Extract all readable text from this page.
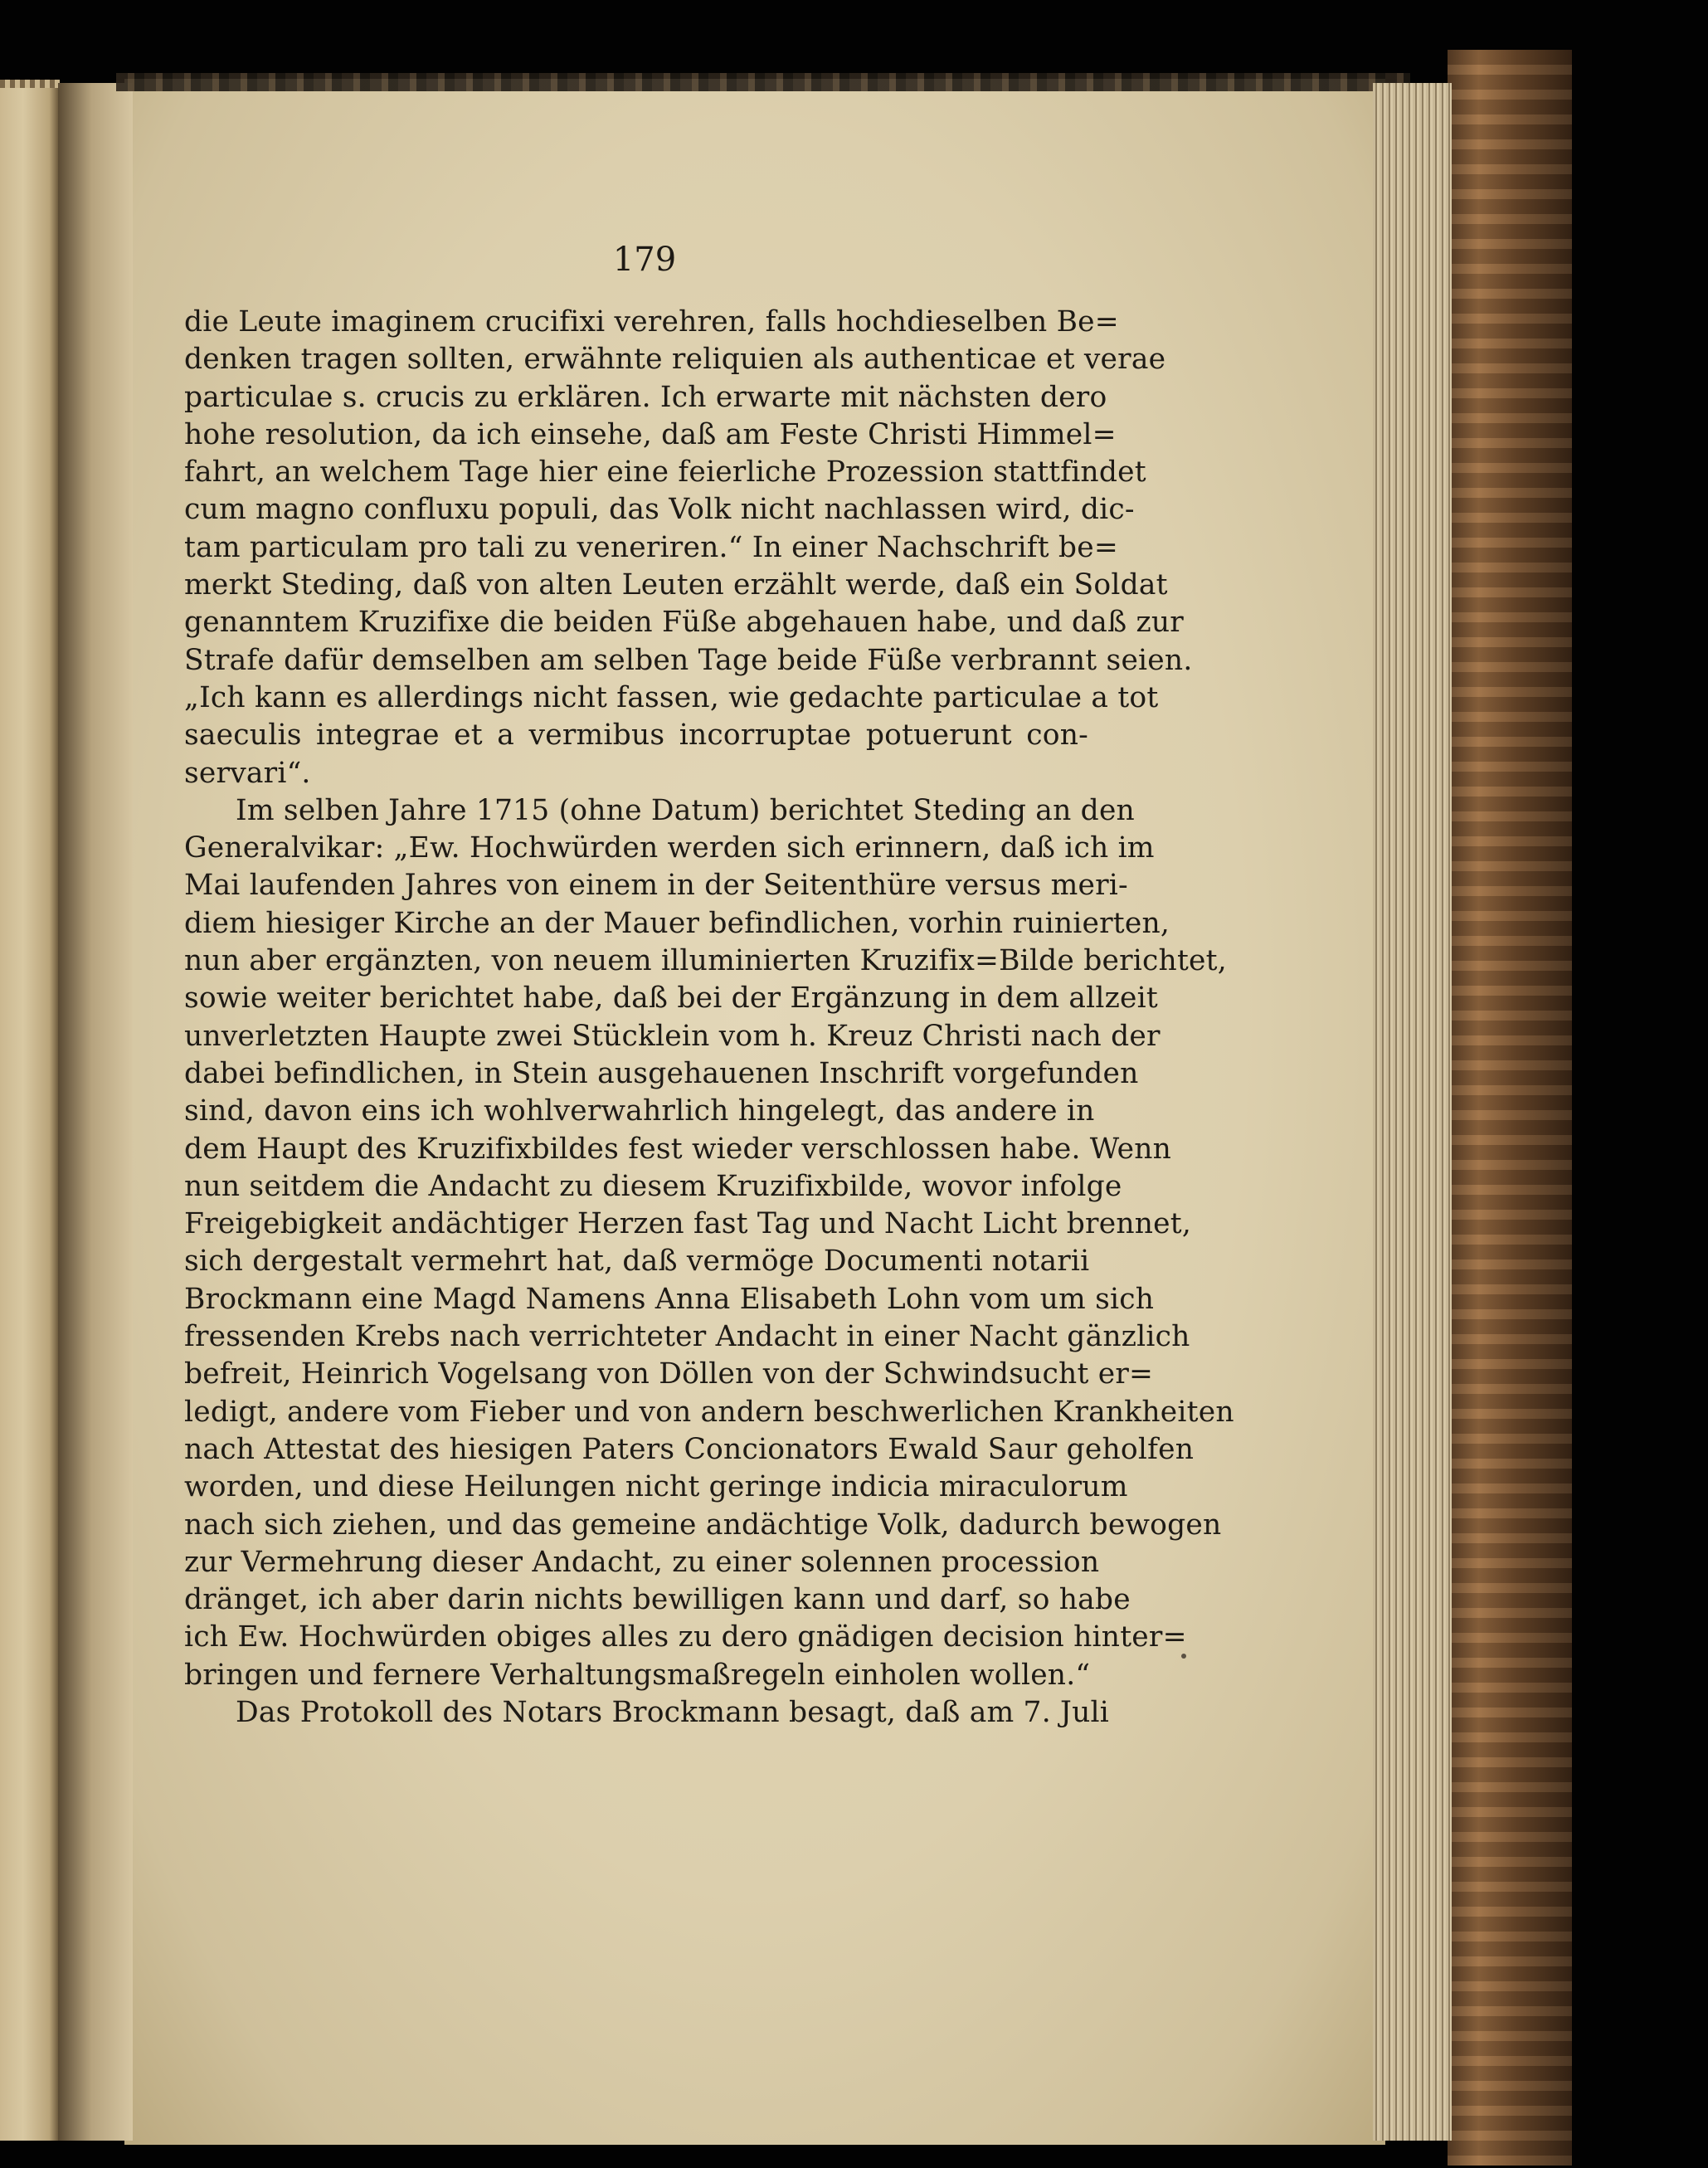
179
die Leute imaginem crucifixi verehren, falls hochdieselben Be=
denken tragen sollten, erwähnte reliquien als authenticae et verae
particulae s. crucis zu erklären. Ich erwarte mit nächsten dero
hohe resolution, da ich einsehe, daß am Feste Christi Himmel=
fahrt, an welchem Tage hier eine feierliche Prozession stattfindet
cum magno confluxu populi, das Volk nicht nachlassen wird, dic-
tam particulam pro tali zu veneriren.“ In einer Nachschrift be=
merkt Steding, daß von alten Leuten erzählt werde, daß ein Soldat
genanntem Kruzifixe die beiden Füße abgehauen habe, und daß zur
Strafe dafür demselben am selben Tage beide Füße verbrannt seien.
„Ich kann es allerdings nicht fassen, wie gedachte particulae a tot
saeculis integrae et a vermibus incorruptae potuerunt con-
servari“.
Im selben Jahre 1715 (ohne Datum) berichtet Steding an den
Generalvikar: „Ew. Hochwürden werden sich erinnern, daß ich im
Mai laufenden Jahres von einem in der Seitenthüre versus meri-
diem hiesiger Kirche an der Mauer befindlichen, vorhin ruinierten,
nun aber ergänzten, von neuem illuminierten Kruzifix=Bilde berichtet,
sowie weiter berichtet habe, daß bei der Ergänzung in dem allzeit
unverletzten Haupte zwei Stücklein vom h. Kreuz Christi nach der
dabei befindlichen, in Stein ausgehauenen Inschrift vorgefunden
sind, davon eins ich wohlverwahrlich hingelegt, das andere in
dem Haupt des Kruzifixbildes fest wieder verschlossen habe. Wenn
nun seitdem die Andacht zu diesem Kruzifixbilde, wovor infolge
Freigebigkeit andächtiger Herzen fast Tag und Nacht Licht brennet,
sich dergestalt vermehrt hat, daß vermöge Documenti notarii
Brockmann eine Magd Namens Anna Elisabeth Lohn vom um sich
fressenden Krebs nach verrichteter Andacht in einer Nacht gänzlich
befreit, Heinrich Vogelsang von Döllen von der Schwindsucht er=
ledigt, andere vom Fieber und von andern beschwerlichen Krankheiten
nach Attestat des hiesigen Paters Concionators Ewald Saur geholfen
worden, und diese Heilungen nicht geringe indicia miraculorum
nach sich ziehen, und das gemeine andächtige Volk, dadurch bewogen
zur Vermehrung dieser Andacht, zu einer solennen procession
dränget, ich aber darin nichts bewilligen kann und darf, so habe
ich Ew. Hochwürden obiges alles zu dero gnädigen decision hinter=
bringen und fernere Verhaltungsmaßregeln einholen wollen.“
Das Protokoll des Notars Brockmann besagt, daß am 7. Juli
